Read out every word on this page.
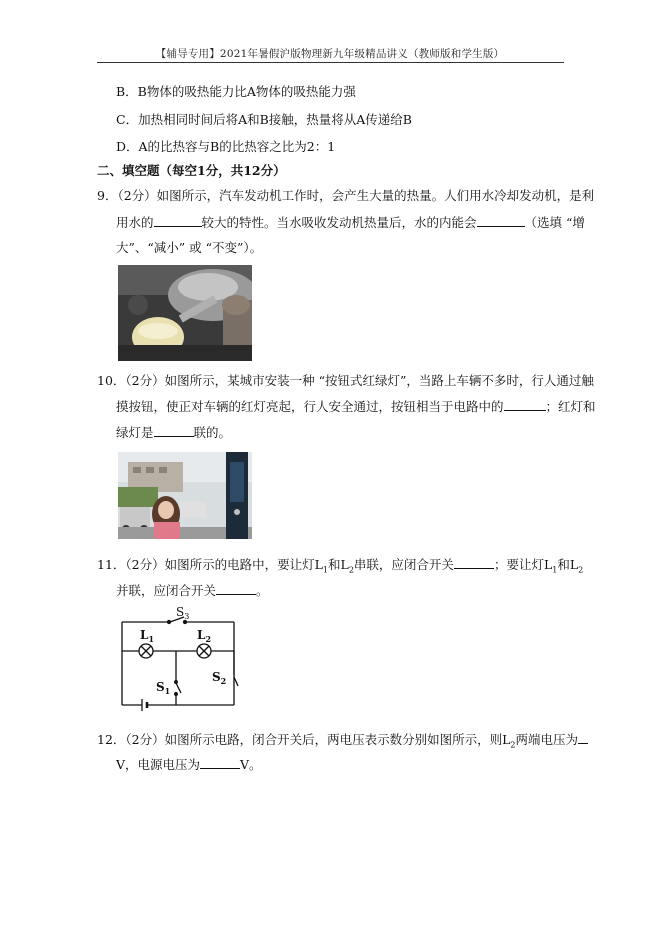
【辅导专用】2021年暑假沪版物理新九年级精品讲义（教师版和学生版）
B．B物体的吸热能力比A物体的吸热能力强
C．加热相同时间后将A和B接触，热量将从A传递给B
D．A的比热容与B的比热容之比为2：1
二、填空题（每空1分，共12分）
9．（2分）如图所示，汽车发动机工作时，会产生大量的热量。人们用水冷却发动机，是利
用水的	较大的特性。当水吸收发动机热量后，水的内能会	（选填 “增
大”、“减小” 或 “不变”）。
10．（2分）如图所示，某城市安装一种 “按钮式红绿灯”，当路上车辆不多时，行人通过触
摸按钮，使正对车辆的红灯亮起，行人安全通过，按钮相当于电路中的	；红灯和
绿灯是	联的。
11．（2分）如图所示的电路中，要让灯$L_1$和$L_2$串联，应闭合开关	；要让灯$L_1$和$L_2$
并联，应闭合开关	。
$S_3$
$L_1$	$L_2$
$S_1$
$S_2$
12．（2分）如图所示电路，闭合开关后，两电压表示数分别如图所示，则$L_2$两端电压为
V，电源电压为	V。
